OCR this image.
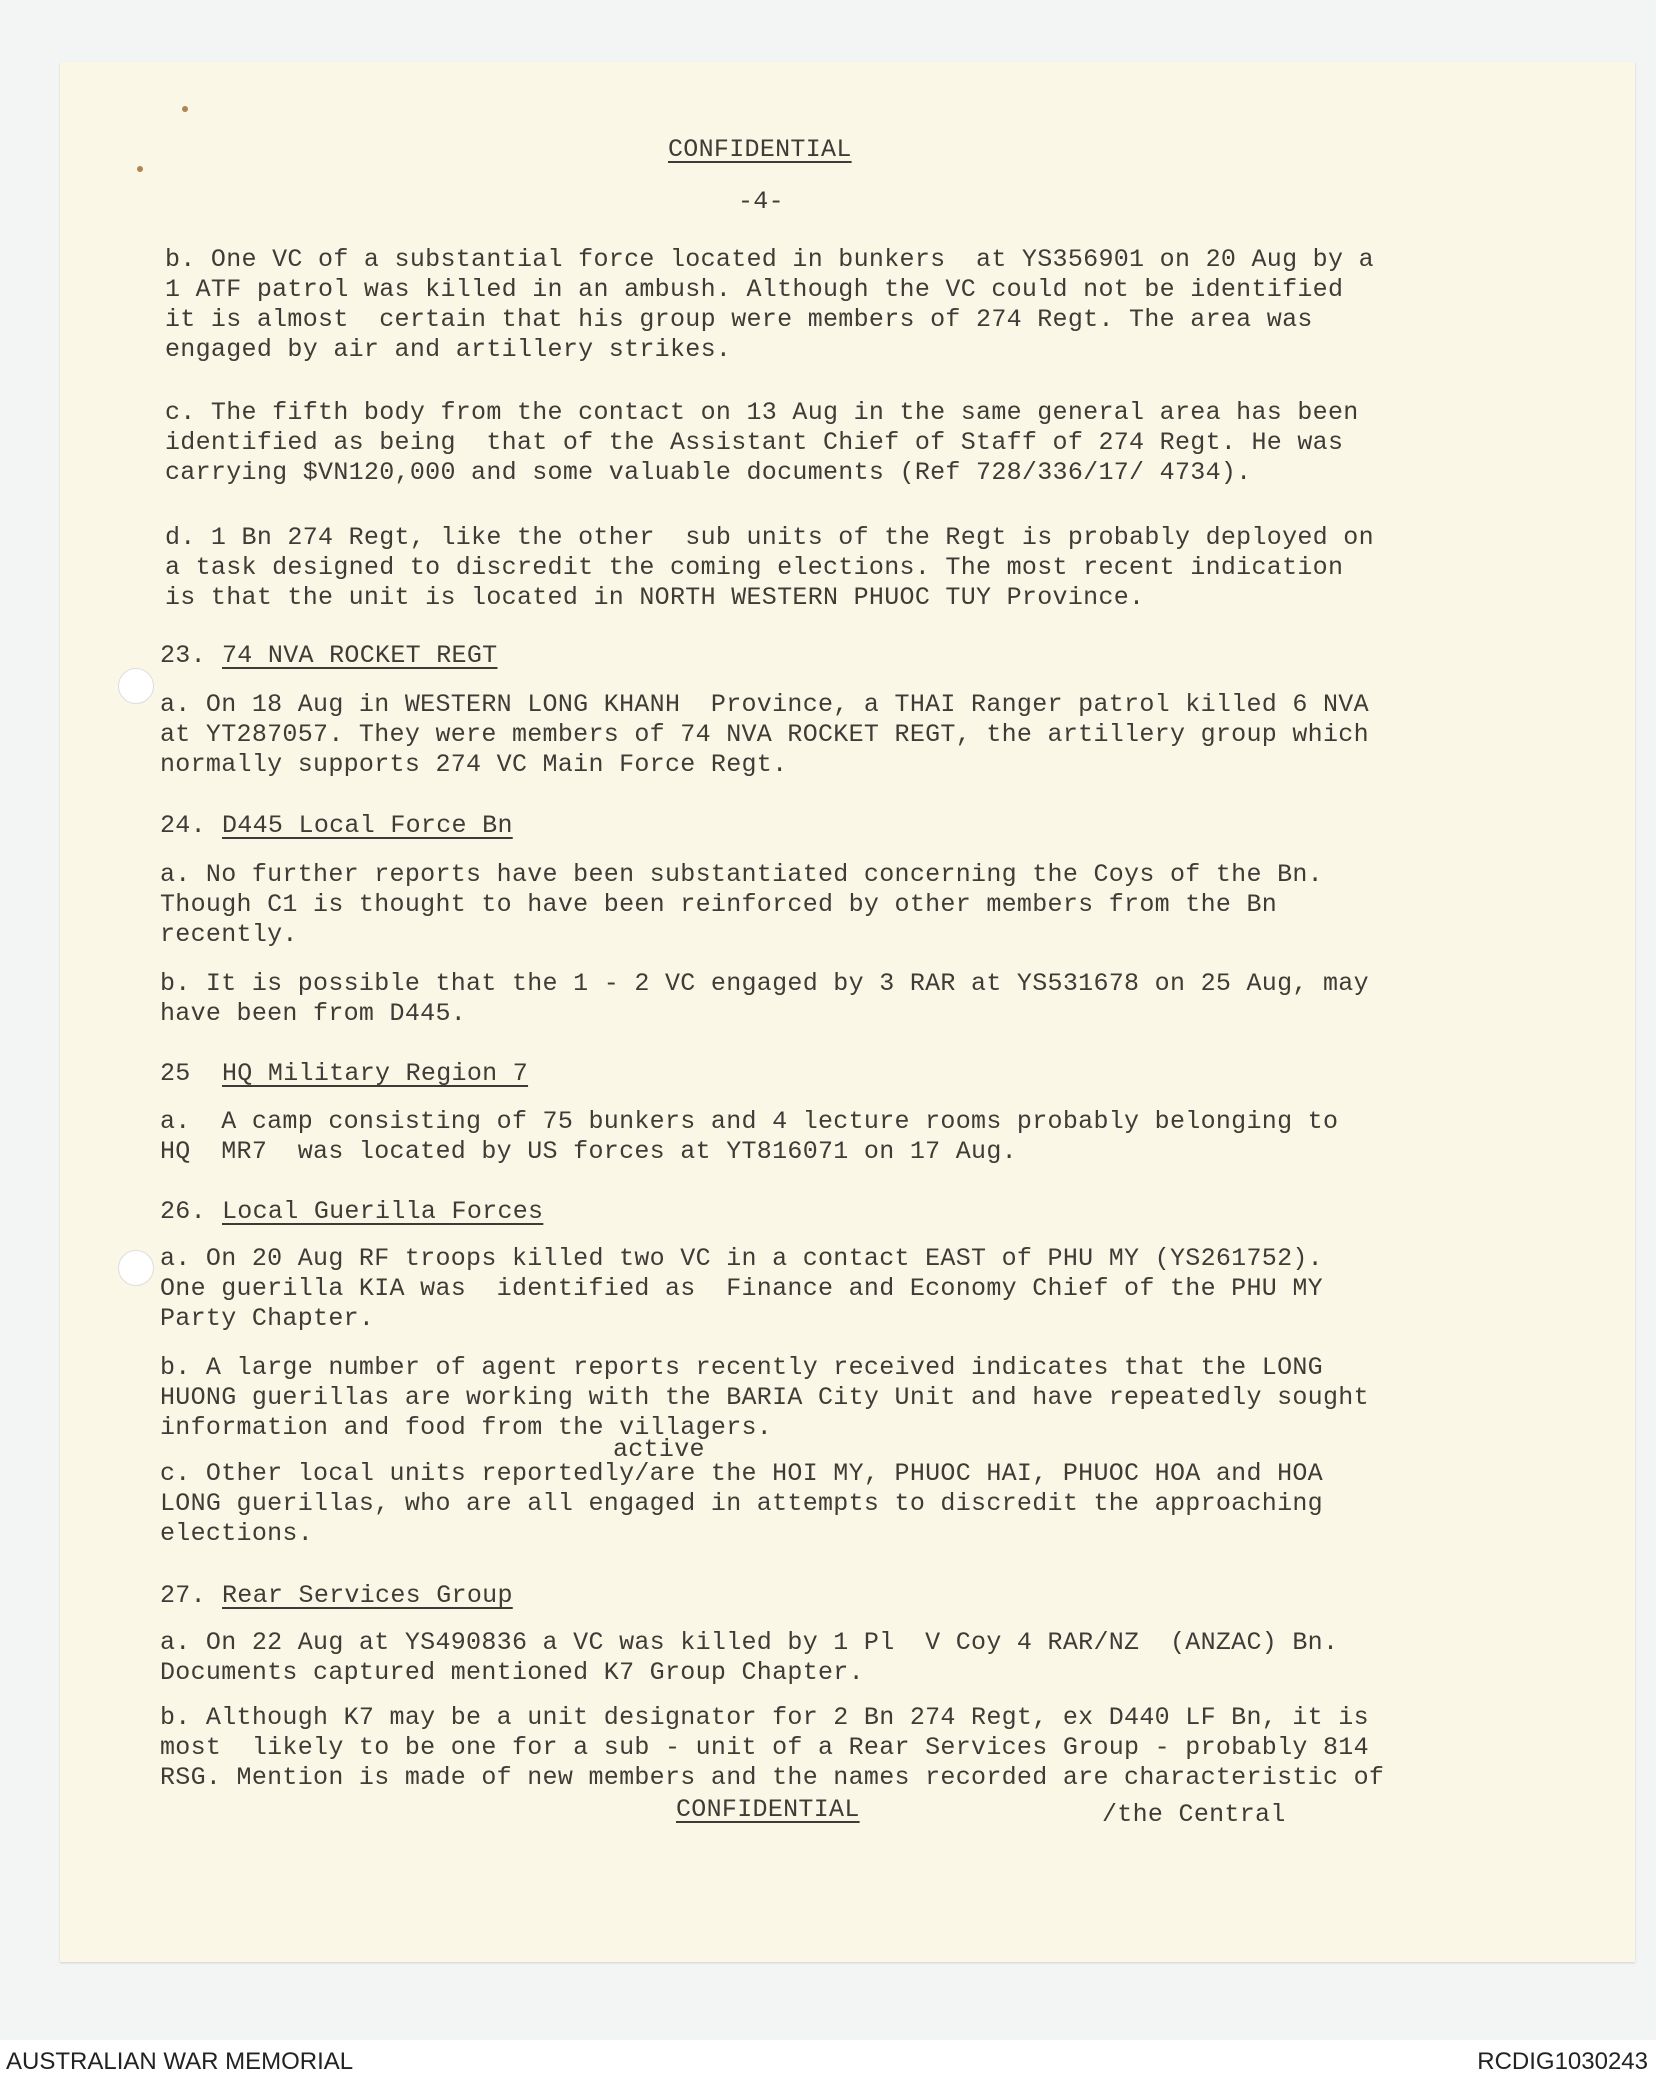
CONFIDENTIAL
-4-
b. One VC of a substantial force located in bunkers  at YS356901 on 20 Aug by a
1 ATF patrol was killed in an ambush. Although the VC could not be identified
it is almost  certain that his group were members of 274 Regt. The area was
engaged by air and artillery strikes.
c. The fifth body from the contact on 13 Aug in the same general area has been
identified as being  that of the Assistant Chief of Staff of 274 Regt. He was
carrying $VN120,000 and some valuable documents (Ref 728/336/17/ 4734).
d. 1 Bn 274 Regt, like the other  sub units of the Regt is probably deployed on
a task designed to discredit the coming elections. The most recent indication
is that the unit is located in NORTH WESTERN PHUOC TUY Province.
23. 74 NVA ROCKET REGT
a. On 18 Aug in WESTERN LONG KHANH  Province, a THAI Ranger patrol killed 6 NVA
at YT287057. They were members of 74 NVA ROCKET REGT, the artillery group which
normally supports 274 VC Main Force Regt.
24. D445 Local Force Bn
a. No further reports have been substantiated concerning the Coys of the Bn.
Though C1 is thought to have been reinforced by other members from the Bn
recently.
b. It is possible that the 1 - 2 VC engaged by 3 RAR at YS531678 on 25 Aug, may
have been from D445.
25 HQ Military Region 7
a.  A camp consisting of 75 bunkers and 4 lecture rooms probably belonging to
HQ  MR7  was located by US forces at YT816071 on 17 Aug.
26. Local Guerilla Forces
a. On 20 Aug RF troops killed two VC in a contact EAST of PHU MY (YS261752).
One guerilla KIA was  identified as  Finance and Economy Chief of the PHU MY
Party Chapter.
b. A large number of agent reports recently received indicates that the LONG
HUONG guerillas are working with the BARIA City Unit and have repeatedly sought
information and food from the villagers.
active
c. Other local units reportedly/are the HOI MY, PHUOC HAI, PHUOC HOA and HOA
LONG guerillas, who are all engaged in attempts to discredit the approaching
elections.
27. Rear Services Group
a. On 22 Aug at YS490836 a VC was killed by 1 Pl  V Coy 4 RAR/NZ  (ANZAC) Bn.
Documents captured mentioned K7 Group Chapter.
b. Although K7 may be a unit designator for 2 Bn 274 Regt, ex D440 LF Bn, it is
most  likely to be one for a sub - unit of a Rear Services Group - probably 814
RSG. Mention is made of new members and the names recorded are characteristic of
CONFIDENTIAL	/the Central
AUSTRALIAN WAR MEMORIAL	RCDIG1030243
